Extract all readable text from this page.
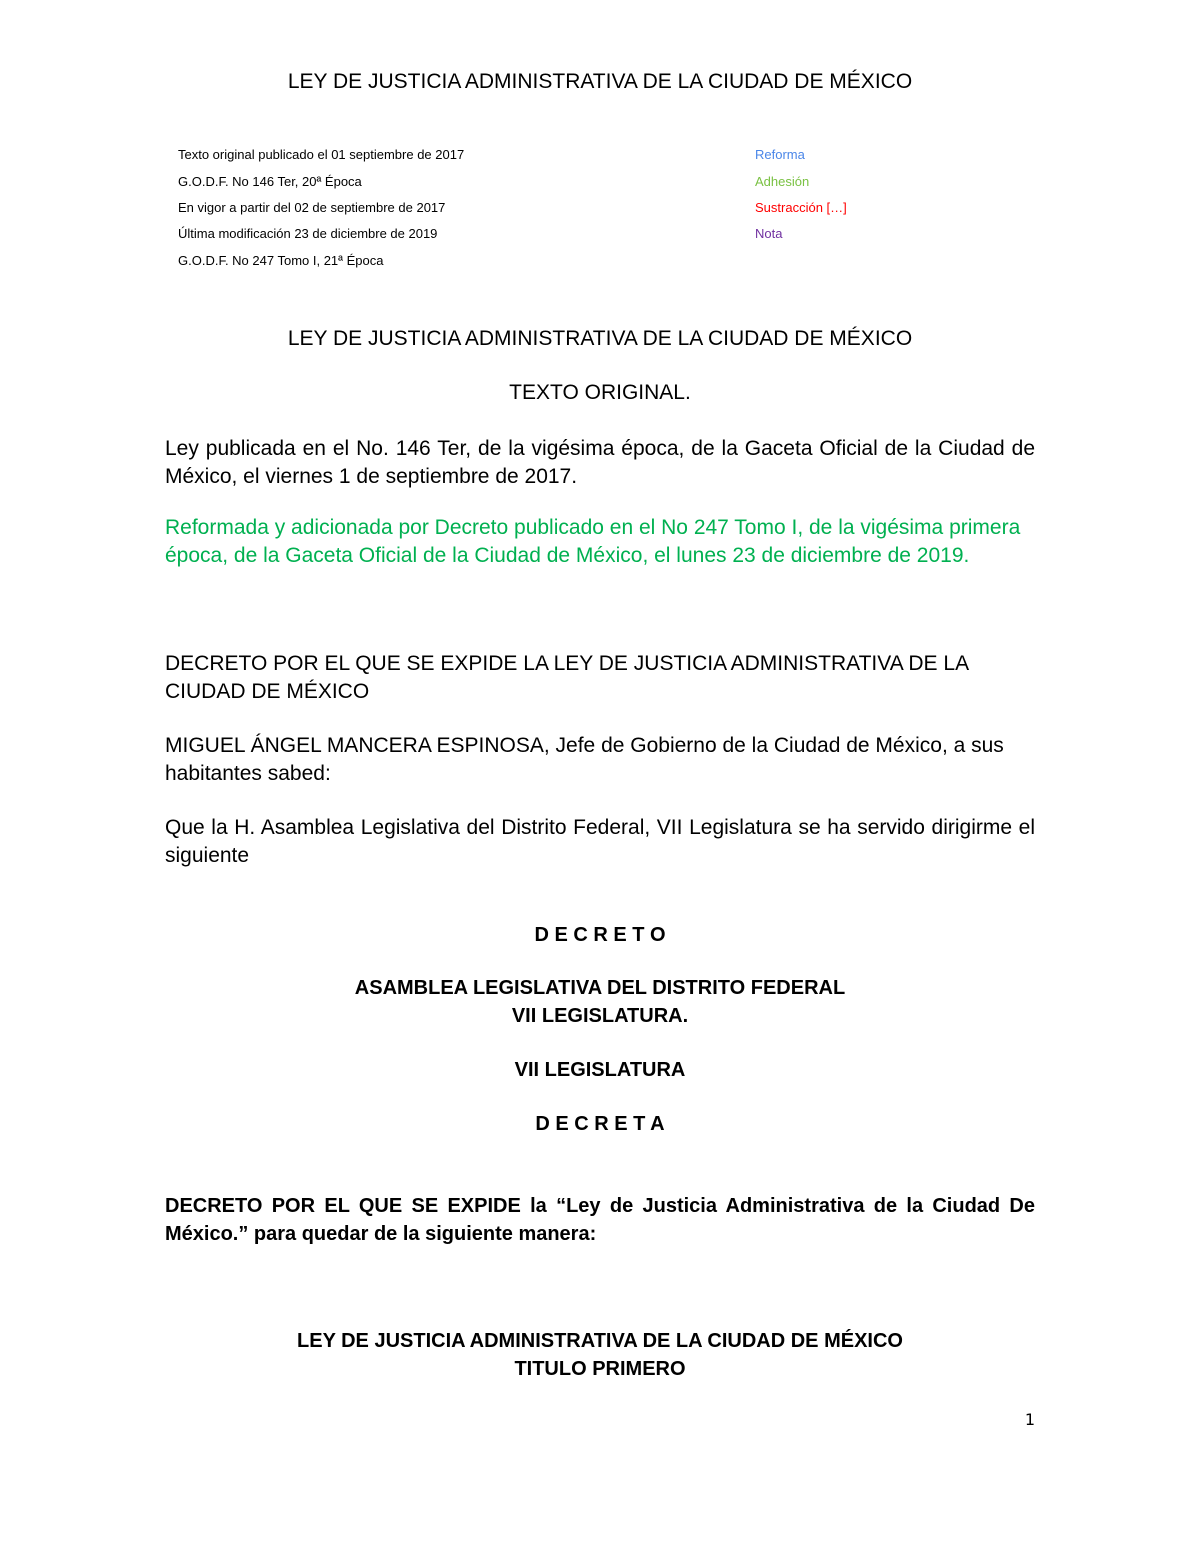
LEY DE JUSTICIA ADMINISTRATIVA DE LA CIUDAD DE MÉXICO
Texto original publicado el 01 septiembre de 2017
G.O.D.F. No 146 Ter, 20ª Época
En vigor a partir del 02 de septiembre de 2017
Última modificación 23 de diciembre de 2019
G.O.D.F. No 247 Tomo I, 21ª Época
Reforma
Adhesión
Sustracción […]
Nota
LEY DE JUSTICIA ADMINISTRATIVA DE LA CIUDAD DE MÉXICO
TEXTO ORIGINAL.
Ley publicada en el No. 146 Ter, de la vigésima época, de la Gaceta Oficial de la Ciudad de México, el viernes 1 de septiembre de 2017.
Reformada y adicionada por Decreto publicado en el No 247 Tomo I, de la vigésima primera época, de la Gaceta Oficial de la Ciudad de México, el lunes 23 de diciembre de 2019.
DECRETO POR EL QUE SE EXPIDE LA LEY DE JUSTICIA ADMINISTRATIVA DE LA CIUDAD DE MÉXICO
MIGUEL ÁNGEL MANCERA ESPINOSA, Jefe de Gobierno de la Ciudad de México, a sus habitantes sabed:
Que la H. Asamblea Legislativa del Distrito Federal, VII Legislatura se ha servido dirigirme el siguiente
D E C R E T O
ASAMBLEA LEGISLATIVA DEL DISTRITO FEDERAL
VII LEGISLATURA.
VII LEGISLATURA
D E C R E T A
DECRETO POR EL QUE SE EXPIDE la “Ley de Justicia Administrativa de la Ciudad De México.” para quedar de la siguiente manera:
LEY DE JUSTICIA ADMINISTRATIVA DE LA CIUDAD DE MÉXICO
TITULO PRIMERO
1
